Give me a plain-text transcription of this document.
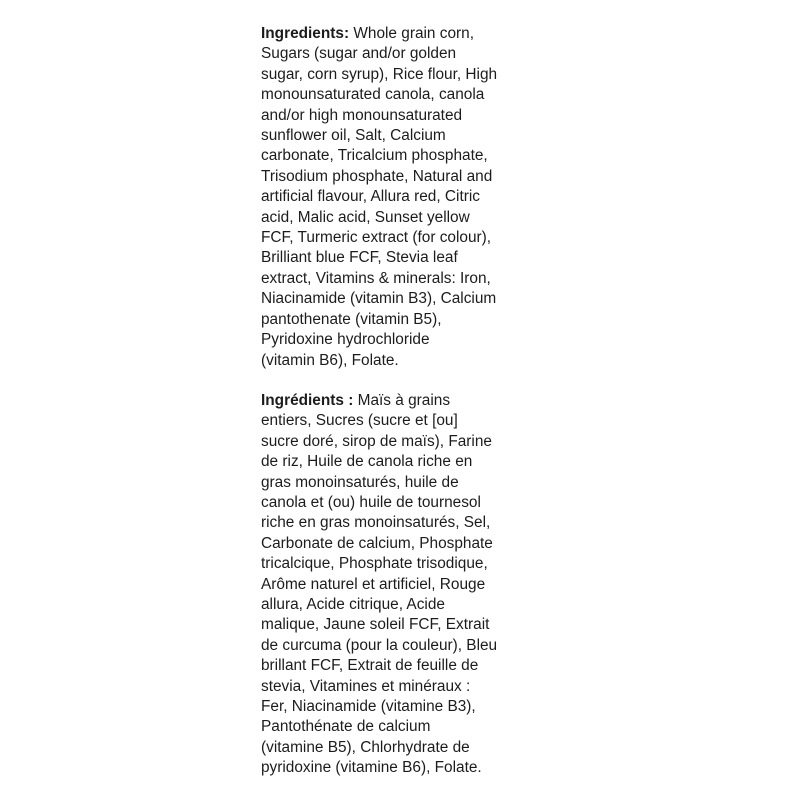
Ingredients: Whole grain corn,
Sugars (sugar and/or golden
sugar, corn syrup), Rice flour, High
monounsaturated canola, canola
and/or high monounsaturated
sunflower oil, Salt, Calcium
carbonate, Tricalcium phosphate,
Trisodium phosphate, Natural and
artificial flavour, Allura red, Citric
acid, Malic acid, Sunset yellow
FCF, Turmeric extract (for colour),
Brilliant blue FCF, Stevia leaf
extract, Vitamins & minerals: Iron,
Niacinamide (vitamin B3), Calcium
pantothenate (vitamin B5),
Pyridoxine hydrochloride
(vitamin B6), Folate.

Ingrédients : Maïs à grains
entiers, Sucres (sucre et [ou]
sucre doré, sirop de maïs), Farine
de riz, Huile de canola riche en
gras monoinsaturés, huile de
canola et (ou) huile de tournesol
riche en gras monoinsaturés, Sel,
Carbonate de calcium, Phosphate
tricalcique, Phosphate trisodique,
Arôme naturel et artificiel, Rouge
allura, Acide citrique, Acide
malique, Jaune soleil FCF, Extrait
de curcuma (pour la couleur), Bleu
brillant FCF, Extrait de feuille de
stevia, Vitamines et minéraux :
Fer, Niacinamide (vitamine B3),
Pantothénate de calcium
(vitamine B5), Chlorhydrate de
pyridoxine (vitamine B6), Folate.
